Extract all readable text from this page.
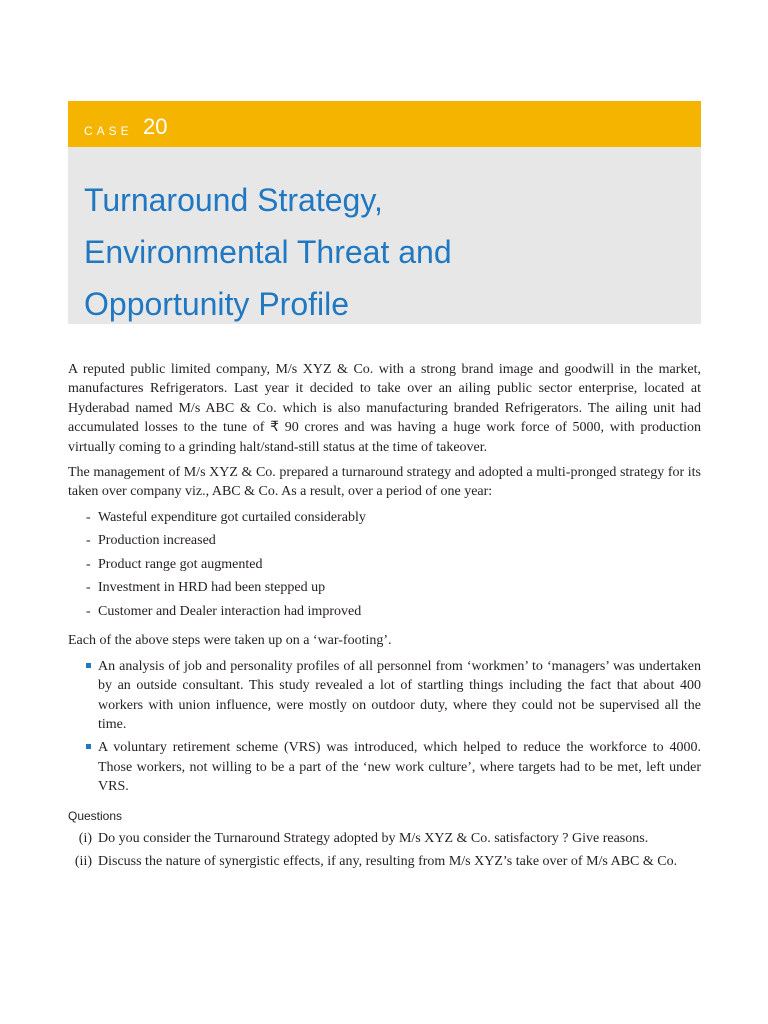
CASE 20
Turnaround Strategy,
Environmental Threat and
Opportunity Profile

A reputed public limited company, M/s XYZ & Co. with a strong brand image and goodwill in the market, manufactures Refrigerators. Last year it decided to take over an ailing public sector enterprise, located at Hyderabad named M/s ABC & Co. which is also manufacturing branded Refrigerators. The ailing unit had accumulated losses to the tune of ₹ 90 crores and was having a huge work force of 5000, with production virtually coming to a grinding halt/stand-still status at the time of takeover.

The management of M/s XYZ & Co. prepared a turnaround strategy and adopted a multi-pronged strategy for its taken over company viz., ABC & Co. As a result, over a period of one year:

- Wasteful expenditure got curtailed considerably
- Production increased
- Product range got augmented
- Investment in HRD had been stepped up
- Customer and Dealer interaction had improved

Each of the above steps were taken up on a ‘war-footing’.

An analysis of job and personality profiles of all personnel from ‘workmen’ to ‘managers’ was undertaken by an outside consultant. This study revealed a lot of startling things including the fact that about 400 workers with union influence, were mostly on outdoor duty, where they could not be supervised all the time.
A voluntary retirement scheme (VRS) was introduced, which helped to reduce the workforce to 4000. Those workers, not willing to be a part of the ‘new work culture’, where targets had to be met, left under VRS.
Questions
(i) Do you consider the Turnaround Strategy adopted by M/s XYZ & Co. satisfactory ? Give reasons.
(ii) Discuss the nature of synergistic effects, if any, resulting from M/s XYZ’s take over of M/s ABC & Co.
